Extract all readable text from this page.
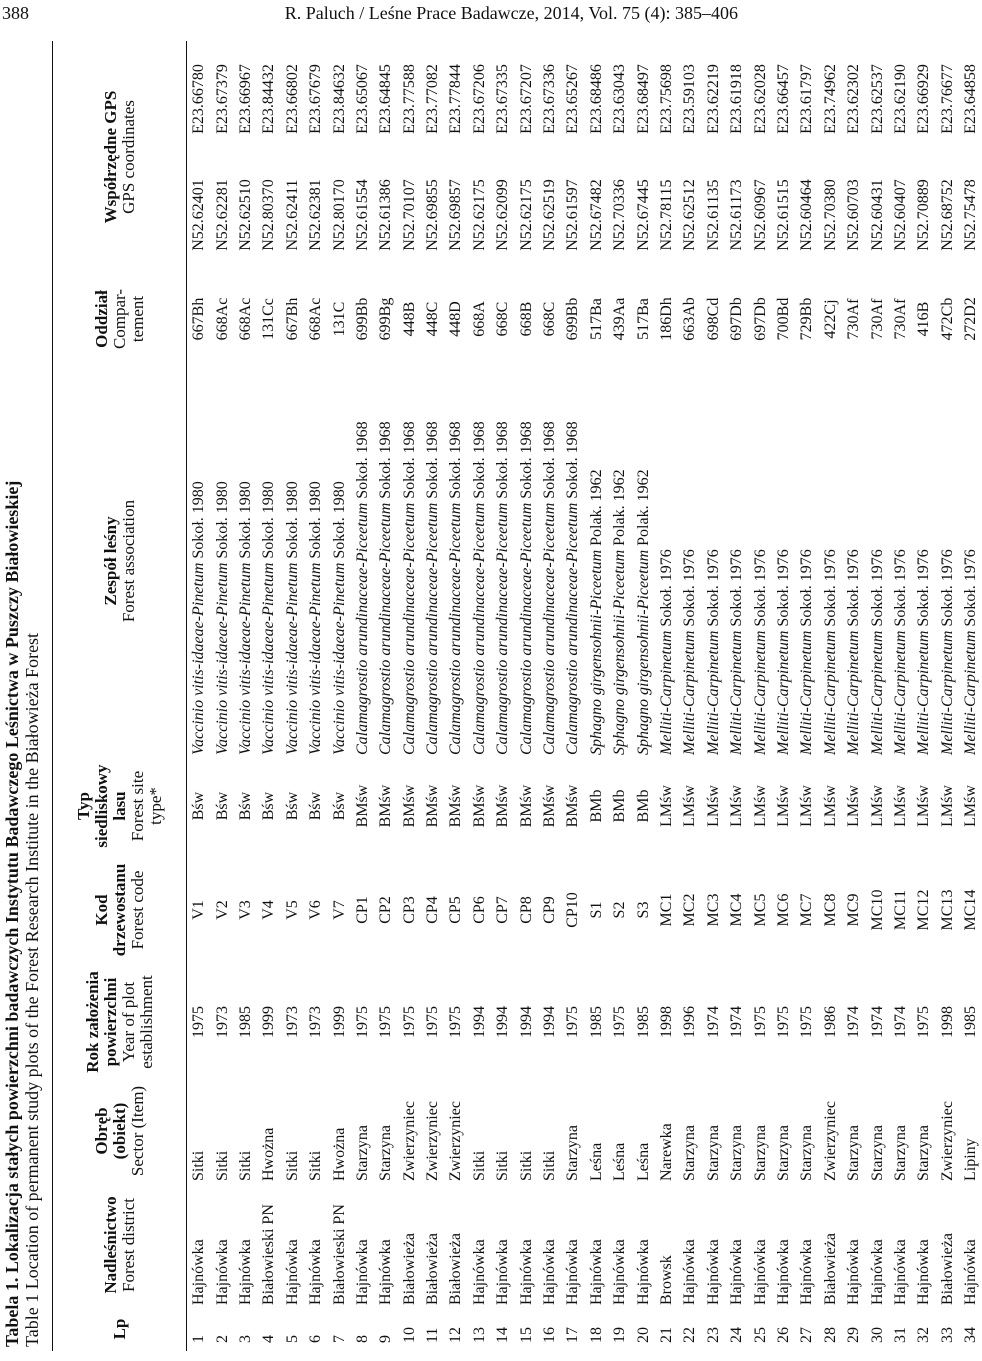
388	R. Paluch / Leśne Prace Badawcze, 2014, Vol. 75 (4): 385–406
Tabela 1. Lokalizacja stałych powierzchni badawczych Instytutu Badawczego Leśnictwa w Puszczy Białowieskiej Table 1 Location of permanent study plots of the Forest Research Institute in the Białowieża Forest	Lp	Nadleśnictwo Forest district	Obręb (obiekt) Sector (Item)	Rok założenia powierzchni Year of plot establishment	Kod drzewostanu Forest code	Typ siedliskowy lasu Forest site type*	Zespół leśny Forest association	Oddział Compar- tement	Współrzędne GPS GPS coordinates	

1	Hajnówka	Sitki	1975	V1	Bśw	Vaccinio vitis-idaeae-Pinetum Sokoł. 1980	667Bh	N52.62401	E23.66780
2	Hajnówka	Sitki	1973	V2	Bśw	Vaccinio vitis-idaeae-Pinetum Sokoł. 1980	668Ac	N52.62281	E23.67379
3	Hajnówka	Sitki	1985	V3	Bśw	Vaccinio vitis-idaeae-Pinetum Sokoł. 1980	668Ac	N52.62510	E23.66967
4	Białowieski PN	Hwożna	1999	V4	Bśw	Vaccinio vitis-idaeae-Pinetum Sokoł. 1980	131Cc	N52.80370	E23.84432
5	Hajnówka	Sitki	1973	V5	Bśw	Vaccinio vitis-idaeae-Pinetum Sokoł. 1980	667Bh	N52.62411	E23.66802
6	Hajnówka	Sitki	1973	V6	Bśw	Vaccinio vitis-idaeae-Pinetum Sokoł. 1980	668Ac	N52.62381	E23.67679
7	Białowieski PN	Hwożna	1999	V7	Bśw	Vaccinio vitis-idaeae-Pinetum Sokoł. 1980	131C	N52.80170	E23.84632
8	Hajnówka	Starzyna	1975	CP1	BMśw	Calamagrostio arundinaceae-Piceetum Sokoł. 1968	699Bb	N52.61554	E23.65067
9	Hajnówka	Starzyna	1975	CP2	BMśw	Calamagrostio arundinaceae-Piceetum Sokoł. 1968	699Bg	N52.61386	E23.64845
10	Białowieża	Zwierzyniec	1975	CP3	BMśw	Calamagrostio arundinaceae-Piceetum Sokoł. 1968	448B	N52.70107	E23.77588
11	Białowieża	Zwierzyniec	1975	CP4	BMśw	Calamagrostio arundinaceae-Piceetum Sokoł. 1968	448C	N52.69855	E23.77082
12	Białowieża	Zwierzyniec	1975	CP5	BMśw	Calamagrostio arundinaceae-Piceetum Sokoł. 1968	448D	N52.69857	E23.77844
13	Hajnówka	Sitki	1994	CP6	BMśw	Calamagrostio arundinaceae-Piceetum Sokoł. 1968	668A	N52.62175	E23.67206
14	Hajnówka	Sitki	1994	CP7	BMśw	Calamagrostio arundinaceae-Piceetum Sokoł. 1968	668C	N52.62099	E23.67335
15	Hajnówka	Sitki	1994	CP8	BMśw	Calamagrostio arundinaceae-Piceetum Sokoł. 1968	668B	N52.62175	E23.67207
16	Hajnówka	Sitki	1994	CP9	BMśw	Calamagrostio arundinaceae-Piceetum Sokoł. 1968	668C	N52.62519	E23.67336
17	Hajnówka	Starzyna	1975	CP10	BMśw	Calamagrostio arundinaceae-Piceetum Sokoł. 1968	699Bb	N52.61597	E23.65267
18	Hajnówka	Leśna	1985	S1	BMb	Sphagno girgensohnii-Piceetum Polak. 1962	517Ba	N52.67482	E23.68486
19	Hajnówka	Leśna	1975	S2	BMb	Sphagno girgensohnii-Piceetum Polak. 1962	439Aa	N52.70336	E23.63043
20	Hajnówka	Leśna	1985	S3	BMb	Sphagno girgensohnii-Piceetum Polak. 1962	517Ba	N52.67445	E23.68497
21	Browsk	Narewka	1998	MC1	LMśw	Melliti-Carpinetum Sokoł. 1976	186Dh	N52.78115	E23.75698
22	Hajnówka	Starzyna	1996	MC2	LMśw	Melliti-Carpinetum Sokoł. 1976	663Ab	N52.62512	E23.59103
23	Hajnówka	Starzyna	1974	MC3	LMśw	Melliti-Carpinetum Sokoł. 1976	698Cd	N52.61135	E23.62219
24	Hajnówka	Starzyna	1974	MC4	LMśw	Melliti-Carpinetum Sokoł. 1976	697Db	N52.61173	E23.61918
25	Hajnówka	Starzyna	1975	MC5	LMśw	Melliti-Carpinetum Sokoł. 1976	697Db	N52.60967	E23.62028
26	Hajnówka	Starzyna	1975	MC6	LMśw	Melliti-Carpinetum Sokoł. 1976	700Bd	N52.61515	E23.66457
27	Hajnówka	Starzyna	1975	MC7	LMśw	Melliti-Carpinetum Sokoł. 1976	729Bb	N52.60464	E23.61797
28	Białowieża	Zwierzyniec	1986	MC8	LMśw	Melliti-Carpinetum Sokoł. 1976	422Cj	N52.70380	E23.74962
29	Hajnówka	Starzyna	1974	MC9	LMśw	Melliti-Carpinetum Sokoł. 1976	730Af	N52.60703	E23.62302
30	Hajnówka	Starzyna	1974	MC10	LMśw	Melliti-Carpinetum Sokoł. 1976	730Af	N52.60431	E23.62537
31	Hajnówka	Starzyna	1974	MC11	LMśw	Melliti-Carpinetum Sokoł. 1976	730Af	N52.60407	E23.62190
32	Hajnówka	Starzyna	1975	MC12	LMśw	Melliti-Carpinetum Sokoł. 1976	416B	N52.70889	E23.66929
33	Białowieża	Zwierzyniec	1998	MC13	LMśw	Melliti-Carpinetum Sokoł. 1976	472Cb	N52.68752	E23.76677
34	Hajnówka	Lipiny	1985	MC14	LMśw	Melliti-Carpinetum Sokoł. 1976	272D2	N52.75478	E23.64858
